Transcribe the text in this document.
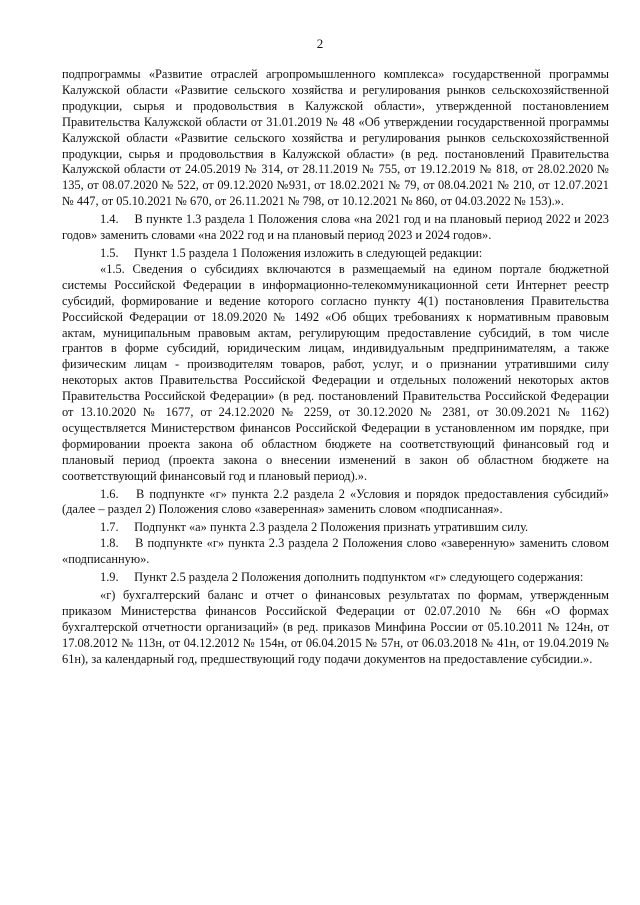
2

подпрограммы «Развитие отраслей агропромышленного комплекса» государственной программы Калужской области «Развитие сельского хозяйства и регулирования рынков сельскохозяйственной продукции, сырья и продовольствия в Калужской области», утвержденной постановлением Правительства Калужской области от 31.01.2019 № 48 «Об утверждении государственной программы Калужской области «Развитие сельского хозяйства и регулирования рынков сельскохозяйственной продукции, сырья и продовольствия в Калужской области» (в ред. постановлений Правительства Калужской области от 24.05.2019 № 314, от 28.11.2019 № 755, от 19.12.2019 № 818, от 28.02.2020 № 135, от 08.07.2020 № 522, от 09.12.2020 №931, от 18.02.2021 № 79, от 08.04.2021 № 210, от 12.07.2021 № 447, от 05.10.2021 № 670, от 26.11.2021 № 798, от 10.12.2021 № 860, от 04.03.2022 № 153).».

1.4.  В пункте 1.3 раздела 1 Положения слова «на 2021 год и на плановый период 2022 и 2023 годов» заменить словами «на 2022 год и на плановый период 2023 и 2024 годов».

1.5.  Пункт 1.5 раздела 1 Положения изложить в следующей редакции:

«1.5. Сведения о субсидиях включаются в размещаемый на едином портале бюджетной системы Российской Федерации в информационно-телекоммуникационной сети Интернет реестр субсидий, формирование и ведение которого согласно пункту 4(1) постановления Правительства Российской Федерации от 18.09.2020 № 1492 «Об общих требованиях к нормативным правовым актам, муниципальным правовым актам, регулирующим предоставление субсидий, в том числе грантов в форме субсидий, юридическим лицам, индивидуальным предпринимателям, а также физическим лицам - производителям товаров, работ, услуг, и о признании утратившими силу некоторых актов Правительства Российской Федерации и отдельных положений некоторых актов Правительства Российской Федерации» (в ред. постановлений Правительства Российской Федерации от 13.10.2020 № 1677, от 24.12.2020 № 2259, от 30.12.2020 № 2381, от 30.09.2021 № 1162) осуществляется Министерством финансов Российской Федерации в установленном им порядке, при формировании проекта закона об областном бюджете на соответствующий финансовый год и плановый период (проекта закона о внесении изменений в закон об областном бюджете на соответствующий финансовый год и плановый период).».

1.6.  В подпункте «г» пункта 2.2 раздела 2 «Условия и порядок предоставления субсидий» (далее – раздел 2) Положения слово «заверенная» заменить словом «подписанная».

1.7.  Подпункт «а» пункта 2.3 раздела 2 Положения признать утратившим силу.

1.8.  В подпункте «г» пункта 2.3 раздела 2 Положения слово «заверенную» заменить словом «подписанную».

1.9.  Пункт 2.5 раздела 2 Положения дополнить подпунктом «г» следующего содержания:

«г) бухгалтерский баланс и отчет о финансовых результатах по формам, утвержденным приказом Министерства финансов Российской Федерации от 02.07.2010 № 66н «О формах бухгалтерской отчетности организаций» (в ред. приказов Минфина России от 05.10.2011 № 124н, от 17.08.2012 № 113н, от 04.12.2012 № 154н, от 06.04.2015 № 57н, от 06.03.2018 № 41н, от 19.04.2019 № 61н), за календарный год, предшествующий году подачи документов на предоставление субсидии.».
